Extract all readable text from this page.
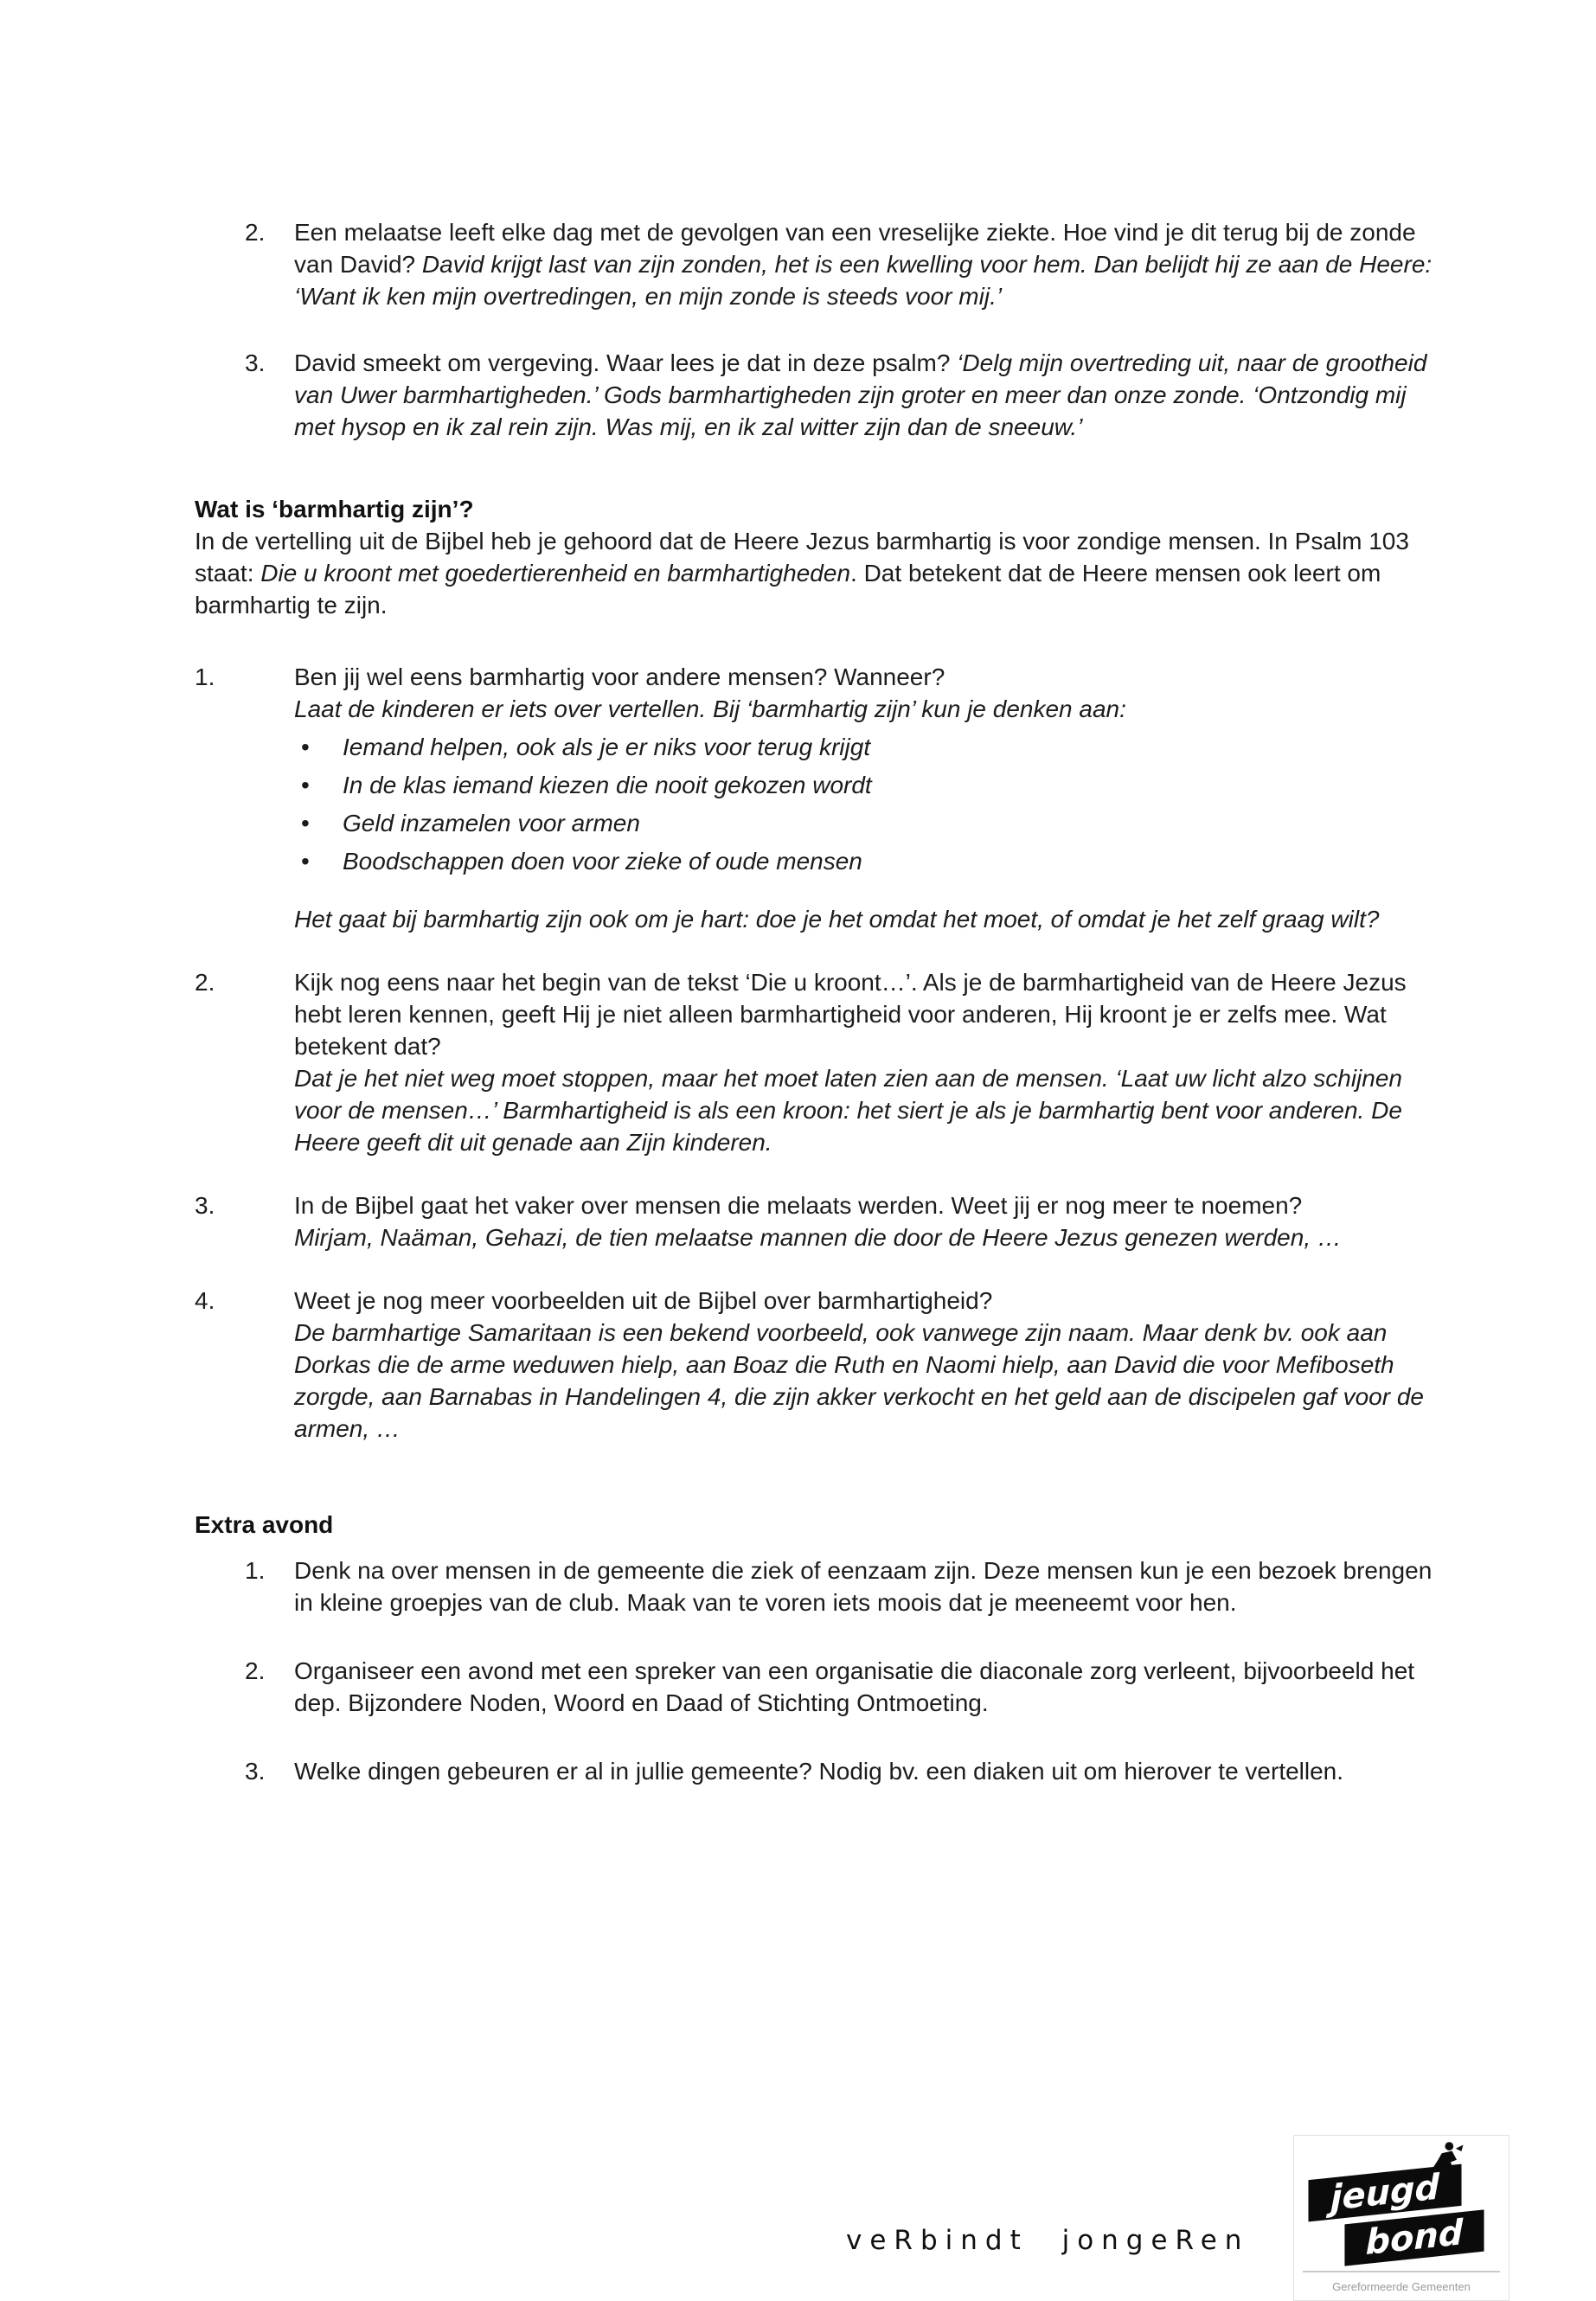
2.	Een melaatse leeft elke dag met de gevolgen van een vreselijke ziekte. Hoe vind je dit terug bij de zonde van David? David krijgt last van zijn zonden, het is een kwelling voor hem. Dan belijdt hij ze aan de Heere: ‘Want ik ken mijn overtredingen, en mijn zonde is steeds voor mij.’

3.	David smeekt om vergeving. Waar lees je dat in deze psalm? ‘Delg mijn overtreding uit, naar de grootheid van Uwer barmhartigheden.’ Gods barmhartigheden zijn groter en meer dan onze zonde. ‘Ontzondig mij met hysop en ik zal rein zijn. Was mij, en ik zal witter zijn dan de sneeuw.’

Wat is ‘barmhartig zijn’?

In de vertelling uit de Bijbel heb je gehoord dat de Heere Jezus barmhartig is voor zondige mensen. In Psalm 103 staat: Die u kroont met goedertierenheid en barmhartigheden. Dat betekent dat de Heere mensen ook leert om barmhartig te zijn.

1.	Ben jij wel eens barmhartig voor andere mensen? Wanneer?

Laat de kinderen er iets over vertellen. Bij ‘barmhartig zijn’ kun je denken aan:

•
Iemand helpen, ook als je er niks voor terug krijgt
•
In de klas iemand kiezen die nooit gekozen wordt
•
Geld inzamelen voor armen
•
Boodschappen doen voor zieke of oude mensen

Het gaat bij barmhartig zijn ook om je hart: doe je het omdat het moet, of omdat je het zelf graag wilt?

2.	Kijk nog eens naar het begin van de tekst ‘Die u kroont…’. Als je de barmhartigheid van de Heere Jezus hebt leren kennen, geeft Hij je niet alleen barmhartigheid voor anderen, Hij kroont je er zelfs mee. Wat betekent dat?

Dat je het niet weg moet stoppen, maar het moet laten zien aan de mensen. ‘Laat uw licht alzo schijnen voor de mensen…’ Barmhartigheid is als een kroon: het siert je als je barmhartig bent voor anderen. De Heere geeft dit uit genade aan Zijn kinderen.

3.	In de Bijbel gaat het vaker over mensen die melaats werden. Weet jij er nog meer te noemen?

Mirjam, Naäman, Gehazi, de tien melaatse mannen die door de Heere Jezus genezen werden, …

4.	Weet je nog meer voorbeelden uit de Bijbel over barmhartigheid?

De barmhartige Samaritaan is een bekend voorbeeld, ook vanwege zijn naam. Maar denk bv. ook aan Dorkas die de arme weduwen hielp, aan Boaz die Ruth en Naomi hielp, aan David die voor Mefiboseth zorgde, aan Barnabas in Handelingen 4, die zijn akker verkocht en het geld aan de discipelen gaf voor de armen, …

Extra avond
1.	Denk na over mensen in de gemeente die ziek of eenzaam zijn. Deze mensen kun je een bezoek brengen in kleine groepjes van de club. Maak van te voren iets moois dat je meeneemt voor hen.

2.	Organiseer een avond met een spreker van een organisatie die diaconale zorg verleent, bijvoorbeeld het dep. Bijzondere Noden, Woord en Daad of Stichting Ontmoeting.

3.	Welke dingen gebeuren er al in jullie gemeente? Nodig bv. een diaken uit om hierover te vertellen.

veRbindt jongeRen
jeugd
bond
Gereformeerde Gemeenten
